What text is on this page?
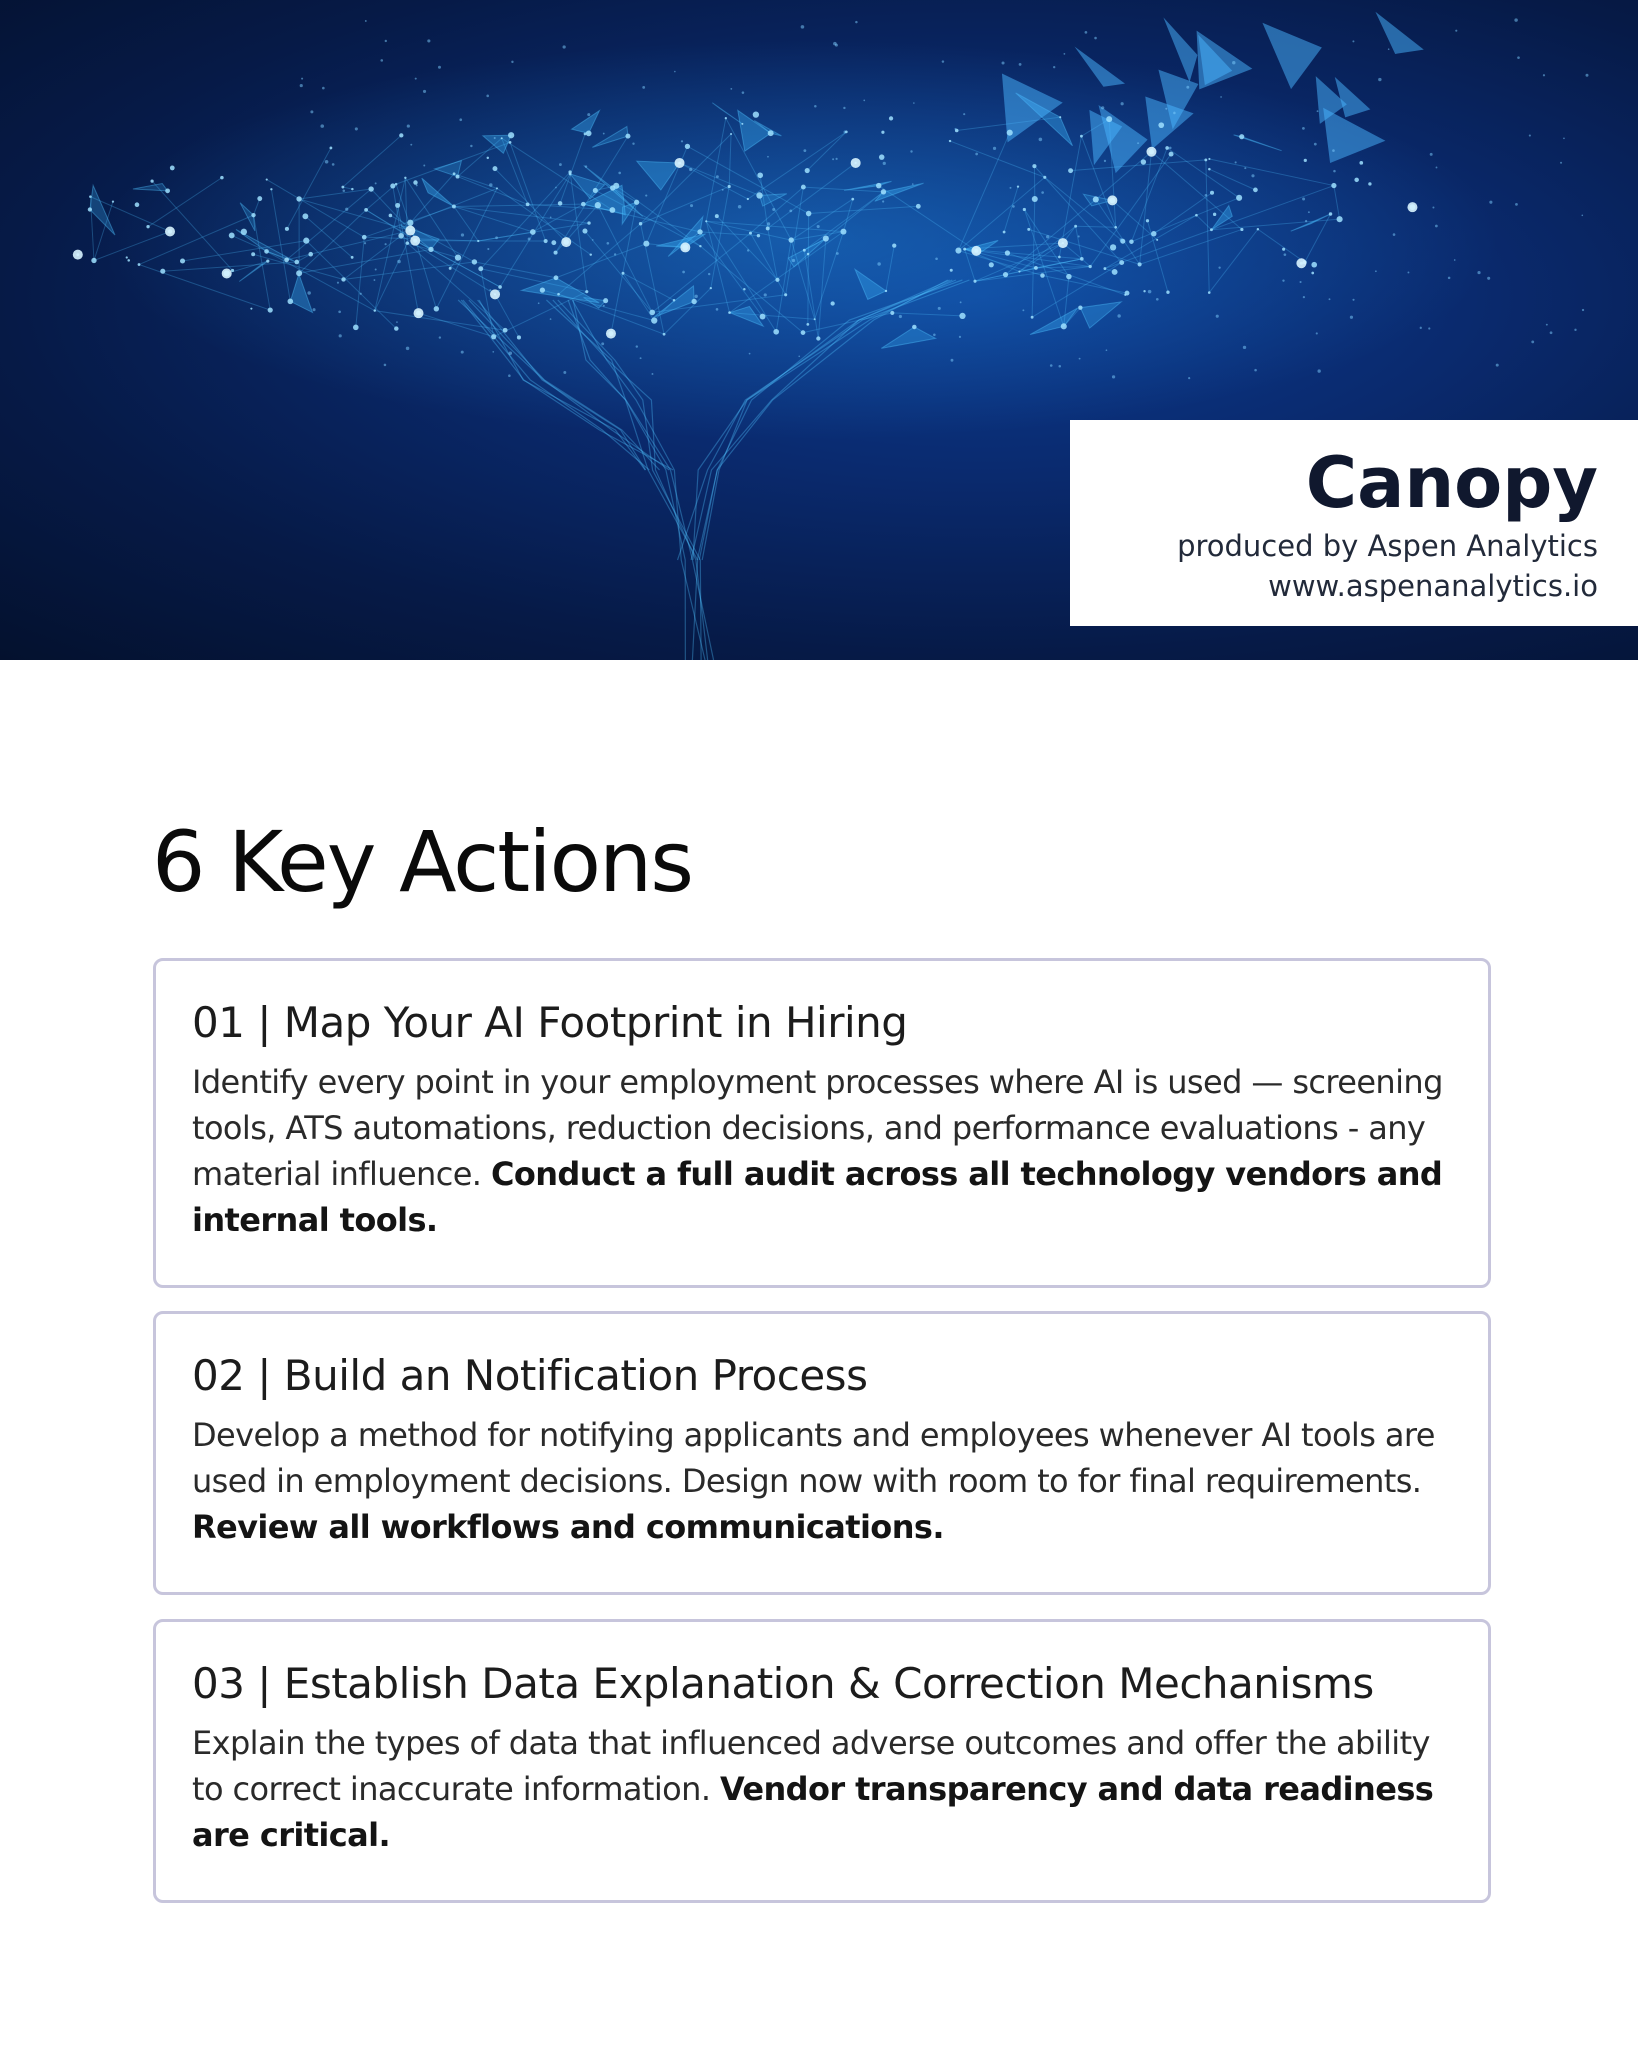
Canopy
produced by Aspen Analytics
www.aspenanalytics.io
6 Key Actions
01 | Map Your AI Footprint in Hiring
Identify every point in your employment processes where AI is used — screening tools, ATS automations, reduction decisions, and performance evaluations - any material influence. Conduct a full audit across all technology vendors and internal tools.
02 | Build an Notification Process
Develop a method for notifying applicants and employees whenever AI tools are used in employment decisions. Design now with room to for final requirements. Review all workflows and communications.
03 | Establish Data Explanation & Correction Mechanisms
Explain the types of data that influenced adverse outcomes and offer the ability to correct inaccurate information. Vendor transparency and data readiness are critical.
